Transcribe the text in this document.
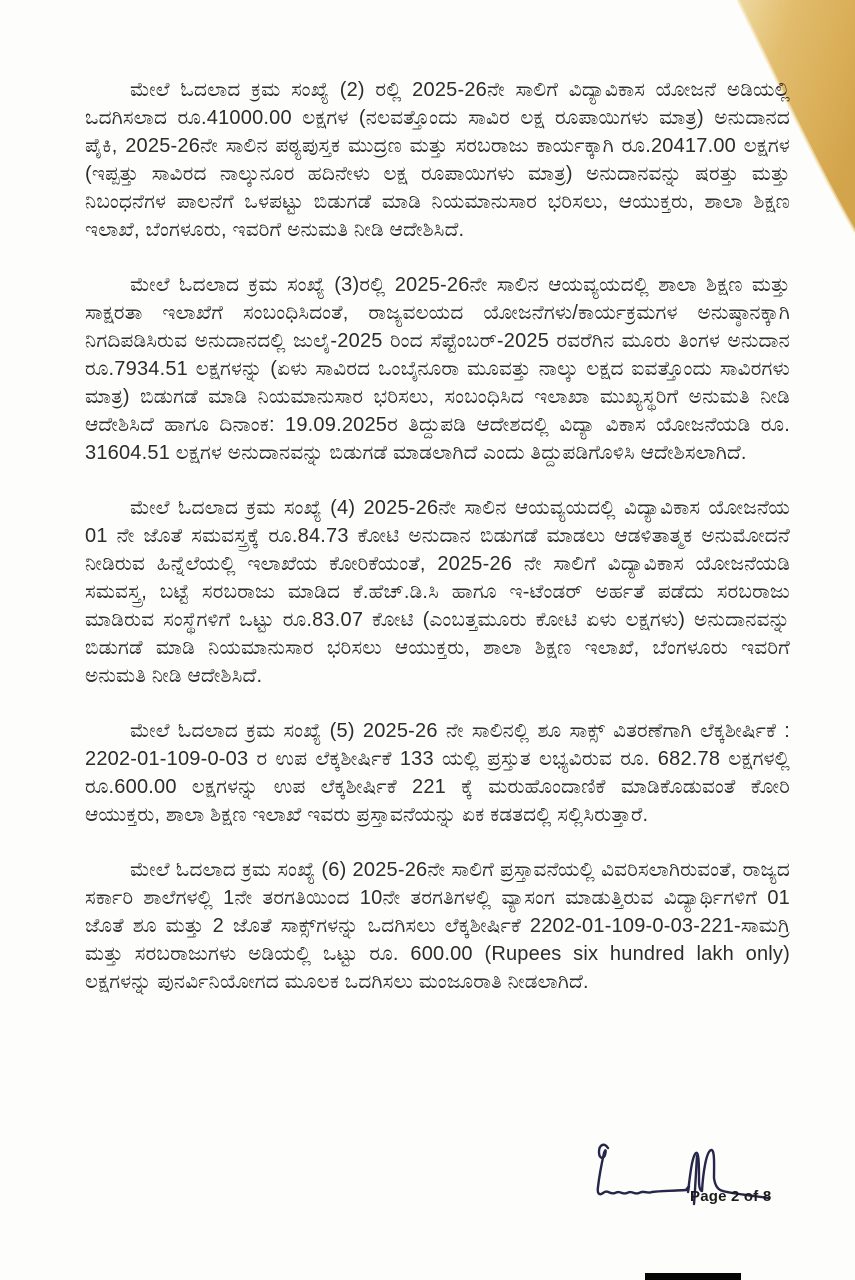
ಮೇಲೆ ಓದಲಾದ ಕ್ರಮ ಸಂಖ್ಯೆ (2) ರಲ್ಲಿ 2025-26ನೇ ಸಾಲಿಗೆ ವಿದ್ಯಾವಿಕಾಸ ಯೋಜನೆ ಅಡಿಯಲ್ಲಿ ಒದಗಿಸಲಾದ ರೂ.41000.00 ಲಕ್ಷಗಳ (ನಲವತ್ತೊಂದು ಸಾವಿರ ಲಕ್ಷ ರೂಪಾಯಿಗಳು ಮಾತ್ರ) ಅನುದಾನದ ಪೈಕಿ, 2025-26ನೇ ಸಾಲಿನ ಪಠ್ಯಪುಸ್ತಕ ಮುದ್ರಣ ಮತ್ತು ಸರಬರಾಜು ಕಾರ್ಯಕ್ಕಾಗಿ ರೂ.20417.00 ಲಕ್ಷಗಳ (ಇಪ್ಪತ್ತು ಸಾವಿರದ ನಾಲ್ಕುನೂರ ಹದಿನೇಳು ಲಕ್ಷ ರೂಪಾಯಿಗಳು ಮಾತ್ರ) ಅನುದಾನವನ್ನು ಷರತ್ತು ಮತ್ತು ನಿಬಂಧನೆಗಳ ಪಾಲನೆಗೆ ಒಳಪಟ್ಟು ಬಿಡುಗಡೆ ಮಾಡಿ ನಿಯಮಾನುಸಾರ ಭರಿಸಲು, ಆಯುಕ್ತರು, ಶಾಲಾ ಶಿಕ್ಷಣ ಇಲಾಖೆ, ಬೆಂಗಳೂರು, ಇವರಿಗೆ ಅನುಮತಿ ನೀಡಿ ಆದೇಶಿಸಿದೆ.

ಮೇಲೆ ಓದಲಾದ ಕ್ರಮ ಸಂಖ್ಯೆ (3)ರಲ್ಲಿ 2025-26ನೇ ಸಾಲಿನ ಆಯವ್ಯಯದಲ್ಲಿ ಶಾಲಾ ಶಿಕ್ಷಣ ಮತ್ತು ಸಾಕ್ಷರತಾ ಇಲಾಖೆಗೆ ಸಂಬಂಧಿಸಿದಂತೆ, ರಾಜ್ಯವಲಯದ ಯೋಜನೆಗಳು/ಕಾರ್ಯಕ್ರಮಗಳ ಅನುಷ್ಠಾನಕ್ಕಾಗಿ ನಿಗದಿಪಡಿಸಿರುವ ಅನುದಾನದಲ್ಲಿ ಜುಲೈ-2025 ರಿಂದ ಸೆಪ್ಟೆಂಬರ್-2025 ರವರೆಗಿನ ಮೂರು ತಿಂಗಳ ಅನುದಾನ ರೂ.7934.51 ಲಕ್ಷಗಳನ್ನು (ಏಳು ಸಾವಿರದ ಒಂಬೈನೂರಾ ಮೂವತ್ತು ನಾಲ್ಕು ಲಕ್ಷದ ಐವತ್ತೊಂದು ಸಾವಿರಗಳು ಮಾತ್ರ) ಬಿಡುಗಡೆ ಮಾಡಿ ನಿಯಮಾನುಸಾರ ಭರಿಸಲು, ಸಂಬಂಧಿಸಿದ ಇಲಾಖಾ ಮುಖ್ಯಸ್ಥರಿಗೆ ಅನುಮತಿ ನೀಡಿ ಆದೇಶಿಸಿದೆ ಹಾಗೂ ದಿನಾಂಕ: 19.09.2025ರ ತಿದ್ದುಪಡಿ ಆದೇಶದಲ್ಲಿ ವಿದ್ಯಾ ವಿಕಾಸ ಯೋಜನೆಯಡಿ ರೂ. 31604.51 ಲಕ್ಷಗಳ ಅನುದಾನವನ್ನು ಬಿಡುಗಡೆ ಮಾಡಲಾಗಿದೆ ಎಂದು ತಿದ್ದುಪಡಿಗೊಳಿಸಿ ಆದೇಶಿಸಲಾಗಿದೆ.

ಮೇಲೆ ಓದಲಾದ ಕ್ರಮ ಸಂಖ್ಯೆ (4) 2025-26ನೇ ಸಾಲಿನ ಆಯವ್ಯಯದಲ್ಲಿ ವಿದ್ಯಾವಿಕಾಸ ಯೋಜನೆಯ 01 ನೇ ಜೊತೆ ಸಮವಸ್ತ್ರಕ್ಕೆ ರೂ.84.73 ಕೋಟಿ ಅನುದಾನ ಬಿಡುಗಡೆ ಮಾಡಲು ಆಡಳಿತಾತ್ಮಕ ಅನುಮೋದನೆ ನೀಡಿರುವ ಹಿನ್ನೆಲೆಯಲ್ಲಿ ಇಲಾಖೆಯ ಕೋರಿಕೆಯಂತೆ, 2025-26 ನೇ ಸಾಲಿಗೆ ವಿದ್ಯಾವಿಕಾಸ ಯೋಜನೆಯಡಿ ಸಮವಸ್ತ್ರ, ಬಟ್ಟೆ ಸರಬರಾಜು ಮಾಡಿದ ಕೆ.ಹೆಚ್.ಡಿ.ಸಿ ಹಾಗೂ ಇ-ಟೆಂಡರ್ ಅರ್ಹತೆ ಪಡೆದು ಸರಬರಾಜು ಮಾಡಿರುವ ಸಂಸ್ಥೆಗಳಿಗೆ ಒಟ್ಟು ರೂ.83.07 ಕೋಟಿ (ಎಂಬತ್ತಮೂರು ಕೋಟಿ ಏಳು ಲಕ್ಷಗಳು) ಅನುದಾನವನ್ನು ಬಿಡುಗಡೆ ಮಾಡಿ ನಿಯಮಾನುಸಾರ ಭರಿಸಲು ಆಯುಕ್ತರು, ಶಾಲಾ ಶಿಕ್ಷಣ ಇಲಾಖೆ, ಬೆಂಗಳೂರು ಇವರಿಗೆ ಅನುಮತಿ ನೀಡಿ ಆದೇಶಿಸಿದೆ.

ಮೇಲೆ ಓದಲಾದ ಕ್ರಮ ಸಂಖ್ಯೆ (5) 2025-26 ನೇ ಸಾಲಿನಲ್ಲಿ ಶೂ ಸಾಕ್ಸ್ ವಿತರಣೆಗಾಗಿ ಲೆಕ್ಕಶೀರ್ಷಿಕೆ : 2202-01-109-0-03 ರ ಉಪ ಲೆಕ್ಕಶೀರ್ಷಿಕೆ 133 ಯಲ್ಲಿ ಪ್ರಸ್ತುತ ಲಭ್ಯವಿರುವ ರೂ. 682.78 ಲಕ್ಷಗಳಲ್ಲಿ ರೂ.600.00 ಲಕ್ಷಗಳನ್ನು ಉಪ ಲೆಕ್ಕಶೀರ್ಷಿಕೆ 221 ಕ್ಕೆ ಮರುಹೊಂದಾಣಿಕೆ ಮಾಡಿಕೊಡುವಂತೆ ಕೋರಿ ಆಯುಕ್ತರು, ಶಾಲಾ ಶಿಕ್ಷಣ ಇಲಾಖೆ ಇವರು ಪ್ರಸ್ತಾವನೆಯನ್ನು ಏಕ ಕಡತದಲ್ಲಿ ಸಲ್ಲಿಸಿರುತ್ತಾರೆ.

ಮೇಲೆ ಓದಲಾದ ಕ್ರಮ ಸಂಖ್ಯೆ (6) 2025-26ನೇ ಸಾಲಿಗೆ ಪ್ರಸ್ತಾವನೆಯಲ್ಲಿ ವಿವರಿಸಲಾಗಿರುವಂತೆ, ರಾಜ್ಯದ ಸರ್ಕಾರಿ ಶಾಲೆಗಳಲ್ಲಿ 1ನೇ ತರಗತಿಯಿಂದ 10ನೇ ತರಗತಿಗಳಲ್ಲಿ ವ್ಯಾಸಂಗ ಮಾಡುತ್ತಿರುವ ವಿದ್ಯಾರ್ಥಿಗಳಿಗೆ 01 ಜೊತೆ ಶೂ ಮತ್ತು 2 ಜೊತೆ ಸಾಕ್ಸ್‌ಗಳನ್ನು ಒದಗಿಸಲು ಲೆಕ್ಕಶೀರ್ಷಿಕೆ 2202-01-109-0-03-221-ಸಾಮಗ್ರಿ ಮತ್ತು ಸರಬರಾಜುಗಳು ಅಡಿಯಲ್ಲಿ ಒಟ್ಟು ರೂ. 600.00 (Rupees six hundred lakh only) ಲಕ್ಷಗಳನ್ನು ಪುನರ್ವಿನಿಯೋಗದ ಮೂಲಕ ಒದಗಿಸಲು ಮಂಜೂರಾತಿ ನೀಡಲಾಗಿದೆ.

Page 2 of 8
